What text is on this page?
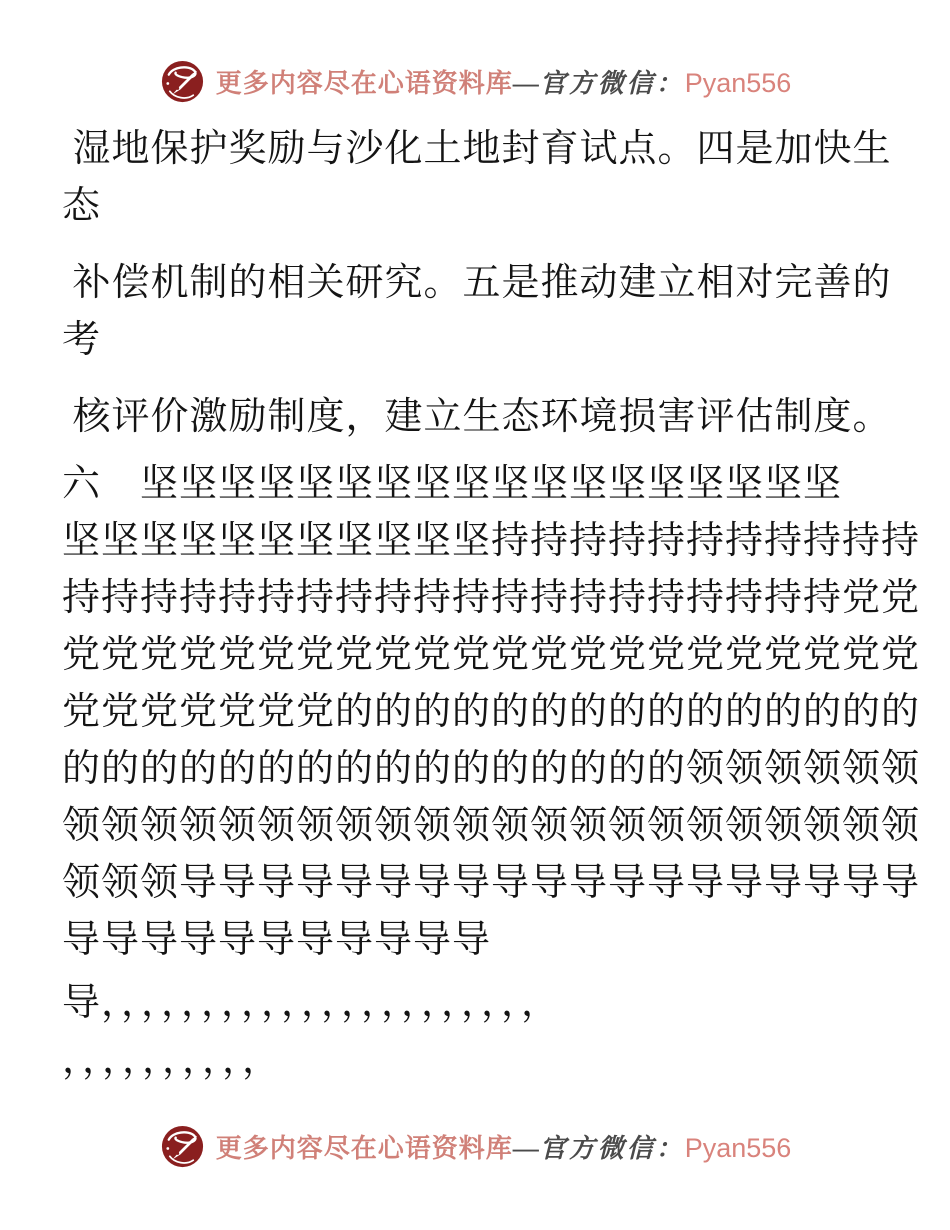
更多内容尽在心语资料库—官方微信：Pyan556
湿地保护奖励与沙化土地封育试点。四是加快生
态
补偿机制的相关研究。五是推动建立相对完善的
考
核评价激励制度，建立生态环境损害评估制度。
六　坚坚坚坚坚坚坚坚坚坚坚坚坚坚坚坚坚坚
坚坚坚坚坚坚坚坚坚坚坚持持持持持持持持持持持
持持持持持持持持持持持持持持持持持持持持党党
党党党党党党党党党党党党党党党党党党党党党党
党党党党党党党的的的的的的的的的的的的的的的
的的的的的的的的的的的的的的的的领领领领领领
领领领领领领领领领领领领领领领领领领领领领领
领领领导导导导导导导导导导导导导导导导导导导
导导导导导导导导导导导
导，，，，，，，，，，，，，，，，，，，，，，
，，，，，，，，，，
更多内容尽在心语资料库—官方微信：Pyan556
